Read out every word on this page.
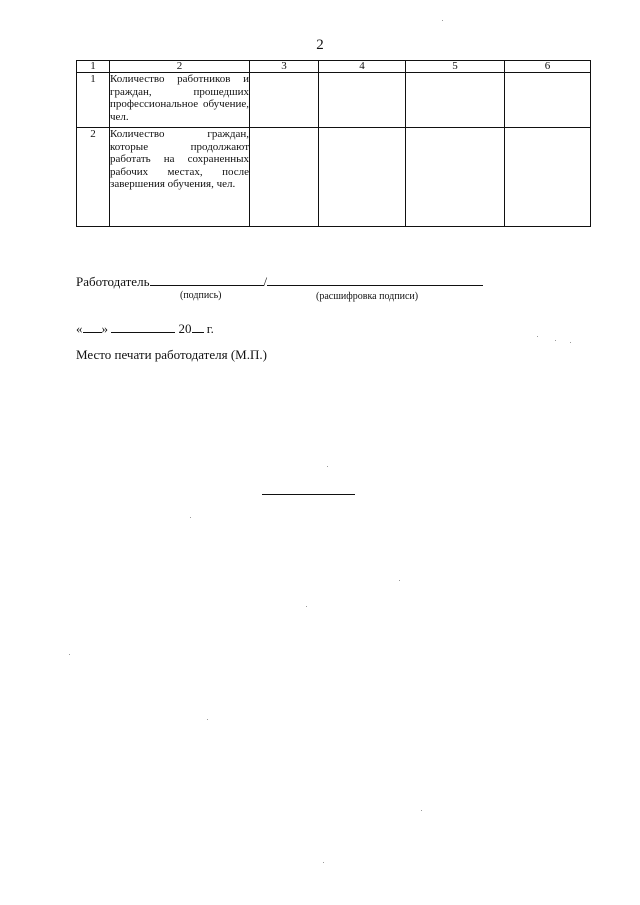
2
1	2	3	4	5	6
1	Количество работников и граждан, прошедших профессиональное обучение, чел.				

2	Количество граждан, которые продолжают работать на сохраненных рабочих местах, после завершения обучения, чел.				

Работодатель	/
(подпись)	(расшифровка подписи)
« »	20 г.
Место печати работодателя (М.П.)
